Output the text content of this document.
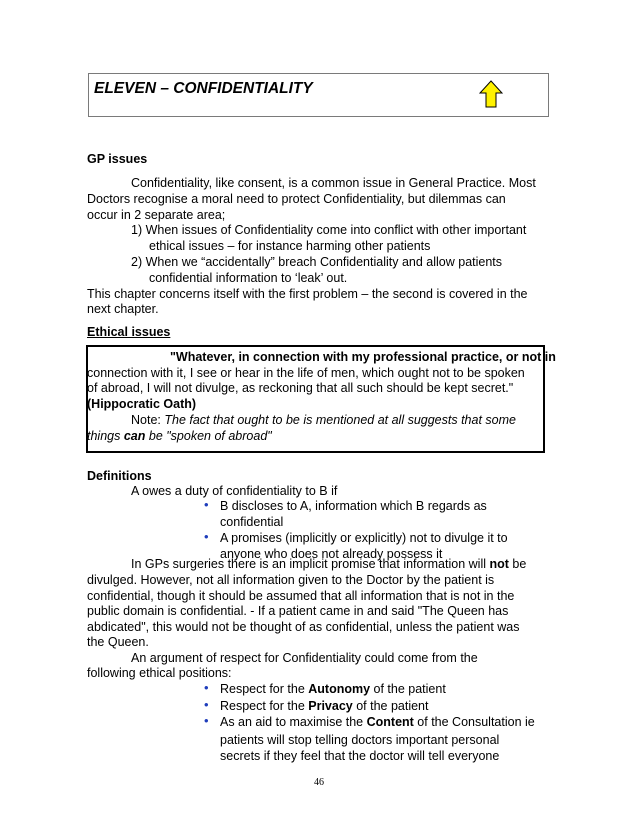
ELEVEN – CONFIDENTIALITY
GP issues
Confidentiality, like consent, is a common issue in General Practice. Most
Doctors recognise a moral need to protect Confidentiality, but dilemmas can
occur in 2 separate area;
1) When issues of Confidentiality come into conflict with other important
ethical issues – for instance harming other patients
2) When we “accidentally” breach Confidentiality and allow patients
confidential information to ‘leak’ out.
This chapter concerns itself with the first problem – the second is covered in the
next chapter.
Ethical issues
"Whatever, in connection with my professional practice, or not in
connection with it, I see or hear in the life of men, which ought not to be spoken
of abroad, I will not divulge, as reckoning that all such should be kept secret."
(Hippocratic Oath)
Note: The fact that ought to be is mentioned at all suggests that some
things can be "spoken of abroad"
Definitions
A owes a duty of confidentiality to B if
• B discloses to A, information which B regards as
confidential
• A promises (implicitly or explicitly) not to divulge it to
anyone who does not already possess it
In GPs surgeries there is an implicit promise that information will not be
divulged. However, not all information given to the Doctor by the patient is
confidential, though it should be assumed that all information that is not in the
public domain is confidential. - If a patient came in and said "The Queen has
abdicated", this would not be thought of as confidential, unless the patient was
the Queen.
An argument of respect for Confidentiality could come from the
following ethical positions:
• Respect for the Autonomy of the patient
• Respect for the Privacy of the patient
• As an aid to maximise the Content of the Consultation ie
patients will stop telling doctors important personal
secrets if they feel that the doctor will tell everyone
46
